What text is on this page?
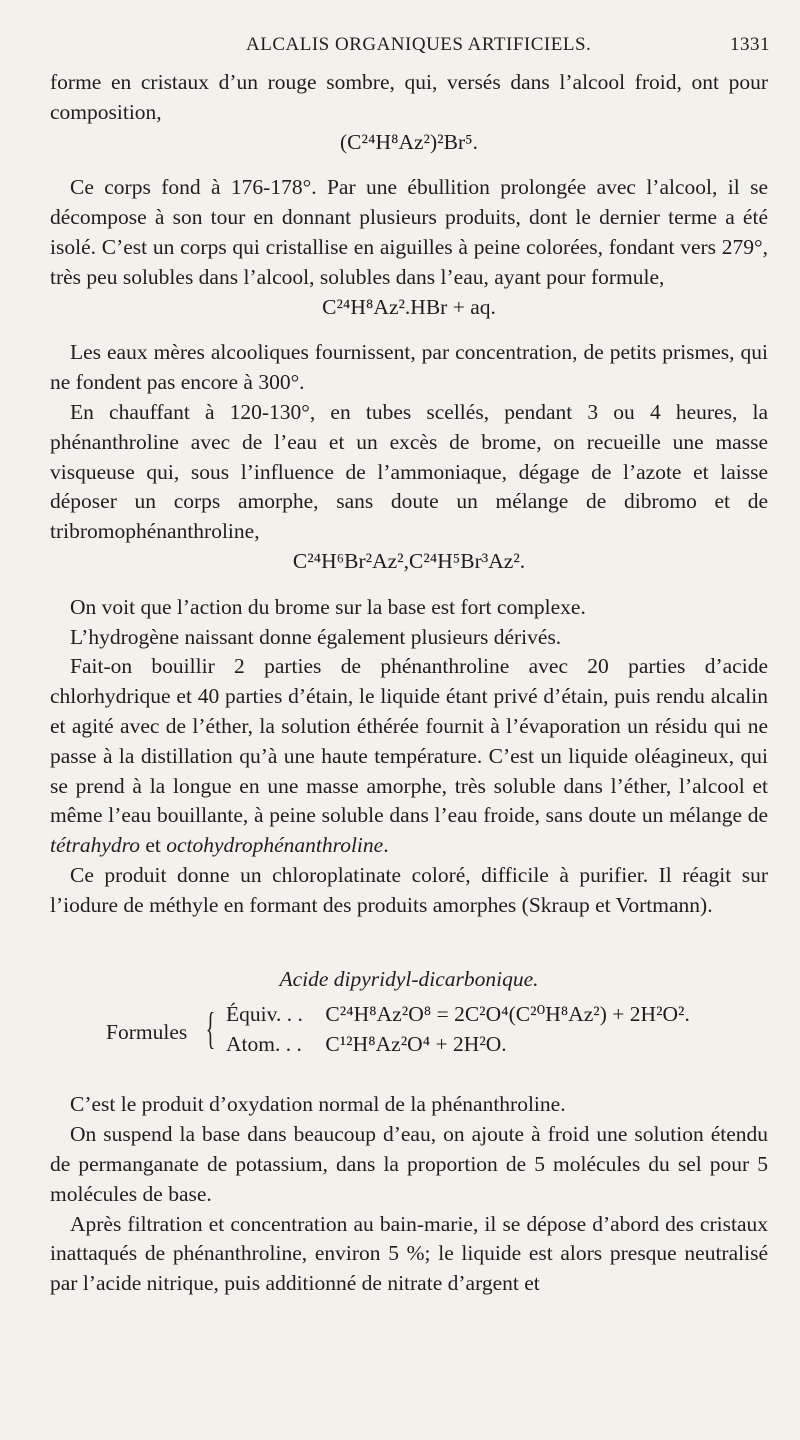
ALCALIS ORGANIQUES ARTIFICIELS.	1331

forme en cristaux d’un rouge sombre, qui, versés dans l’alcool froid, ont pour composition,

(C²⁴H⁸Az²)²Br⁵.

Ce corps fond à 176-178°. Par une ébullition prolongée avec l’alcool, il se décompose à son tour en donnant plusieurs produits, dont le dernier terme a été isolé. C’est un corps qui cristallise en aiguilles à peine colorées, fondant vers 279°, très peu solubles dans l’alcool, solubles dans l’eau, ayant pour formule,

C²⁴H⁸Az².HBr + aq.

Les eaux mères alcooliques fournissent, par concentration, de petits prismes, qui ne fondent pas encore à 300°.

En chauffant à 120-130°, en tubes scellés, pendant 3 ou 4 heures, la phénanthroline avec de l’eau et un excès de brome, on recueille une masse visqueuse qui, sous l’influence de l’ammoniaque, dégage de l’azote et laisse déposer un corps amorphe, sans doute un mélange de dibromo et de tribromophénanthroline,

C²⁴H⁶Br²Az²,C²⁴H⁵Br³Az².

On voit que l’action du brome sur la base est fort complexe.

L’hydrogène naissant donne également plusieurs dérivés.

Fait-on bouillir 2 parties de phénanthroline avec 20 parties d’acide chlorhydrique et 40 parties d’étain, le liquide étant privé d’étain, puis rendu alcalin et agité avec de l’éther, la solution éthérée fournit à l’évaporation un résidu qui ne passe à la distillation qu’à une haute température. C’est un liquide oléagineux, qui se prend à la longue en une masse amorphe, très soluble dans l’éther, l’alcool et même l’eau bouillante, à peine soluble dans l’eau froide, sans doute un mélange de tétrahydro et octohydrophénanthroline.

Ce produit donne un chloroplatinate coloré, difficile à purifier. Il réagit sur l’iodure de méthyle en formant des produits amorphes (Skraup et Vortmann).

Acide dipyridyl-dicarbonique.

Formules { Équiv. . . C²⁴H⁸Az²O⁸ = 2C²O⁴(C²⁰H⁸Az²) + 2H²O².
Atom. . . C¹²H⁸Az²O⁴ + 2H²O.

C’est le produit d’oxydation normal de la phénanthroline.

On suspend la base dans beaucoup d’eau, on ajoute à froid une solution étendu de permanganate de potassium, dans la proportion de 5 molécules du sel pour 5 molécules de base.

Après filtration et concentration au bain-marie, il se dépose d’abord des cristaux inattaqués de phénanthroline, environ 5 %; le liquide est alors presque neutralisé par l’acide nitrique, puis additionné de nitrate d’argent et
